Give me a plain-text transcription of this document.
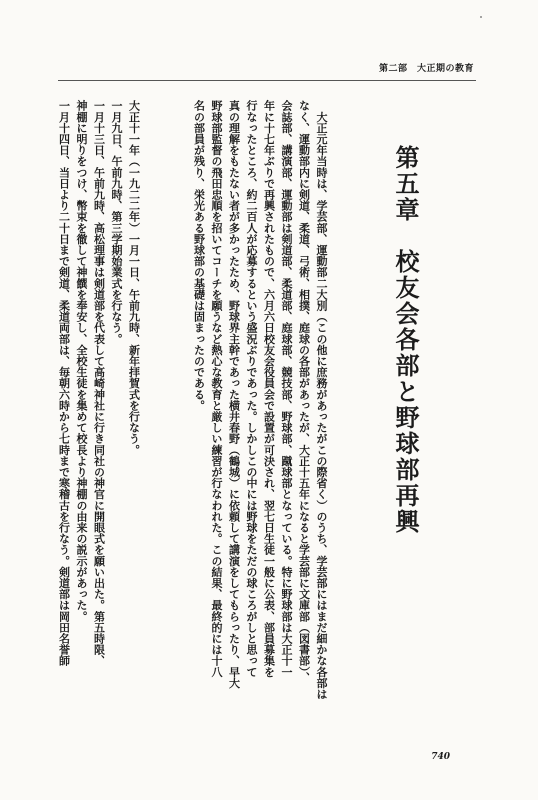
第二部　大正期の教育
第五章　校友会各部と野球部再興
　大正元年当時は、学芸部、運動部二大別（この他に庶務があったがこの際省く）のうち、学芸部にはまだ細かな各部は
なく、運動部内に剣道、柔道、弓術、相撲、庭球の各部があったが、大正十五年になると学芸部に文庫部（図書部）、
会誌部、講演部、運動部は剣道部、柔道部、庭球部、競技部、野球部、蹴球部となっている。特に野球部は大正十一
年に十七年ぶりで再興されたもので、六月六日校友会役員会で設置が可決され、翌七日生徒一般に公表、部員募集を
行なったところ、約二百人が応募するという盛況ぶりであった。しかしこの中には野球をただの球ころがしと思って
真の理解をもたない者が多かったため、野球界主幹であった横井春野（鶴城）に依頼して講演をしてもらったり、早大
野球部監督の飛田忠順を招いてコーチを願うなど熱心な教育と厳しい練習が行なわれた。この結果、最終的には十八
名の部員が残り、栄光ある野球部の基礎は固まったのである。
大正十一年（一九二二年）一月一日、午前九時、新年拝賀式を行なう。
一月九日、午前九時、第三学期始業式を行なう。
一月十三日、午前九時、高松理事は剣道部を代表して高崎神社に行き同社の神官に開眼式を願い出た。第五時限、
神棚に明りをつけ、幣束を徹して神饌を奉安し、全校生徒を集めて校長より神棚の由来の説示があった。
一月十四日、当日より二十日まで剣道、柔道両部は、毎朝六時から七時まで寒稽古を行なう。剣道部は岡田名誉師
740
